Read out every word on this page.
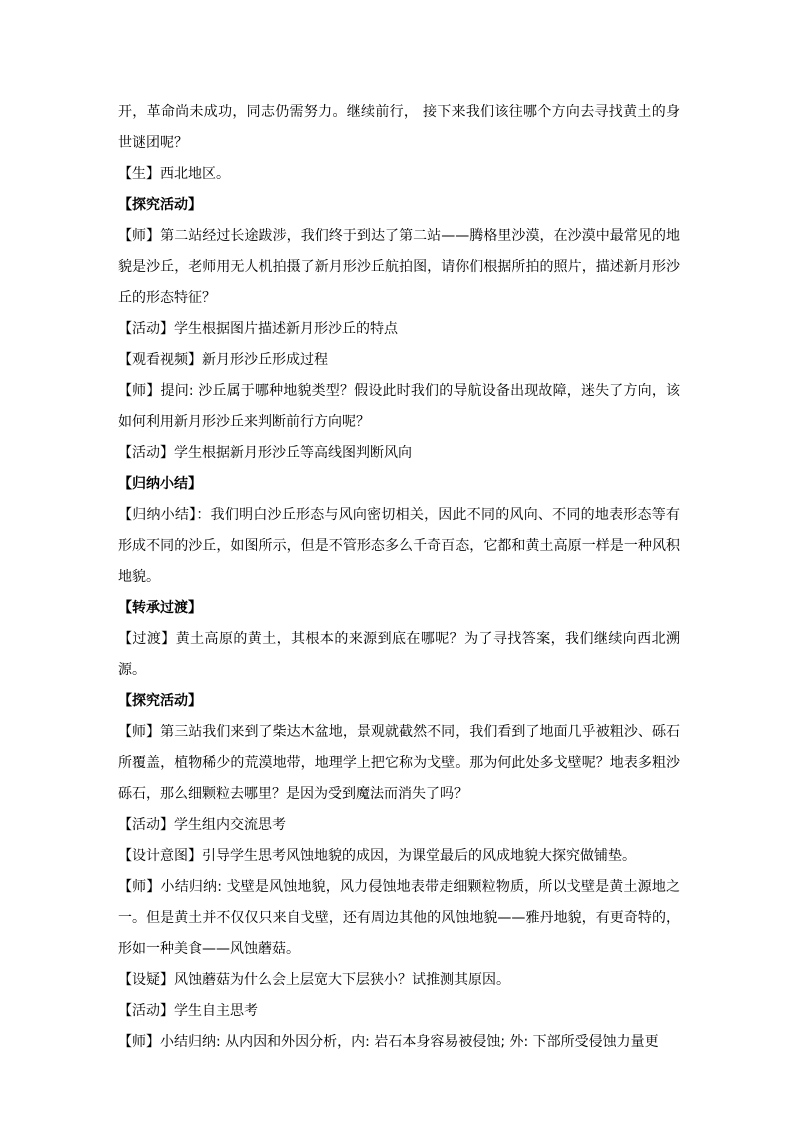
开，革命尚未成功，同志仍需努力。继续前行， 接下来我们该往哪个方向去寻找黄土的身世谜团呢？

【生】西北地区。

【探究活动】

【师】第二站经过长途跋涉，我们终于到达了第二站——腾格里沙漠，在沙漠中最常见的地貌是沙丘，老师用无人机拍摄了新月形沙丘航拍图，请你们根据所拍的照片，描述新月形沙丘的形态特征？

【活动】学生根据图片描述新月形沙丘的特点

【观看视频】新月形沙丘形成过程

【师】提问: 沙丘属于哪种地貌类型？假设此时我们的导航设备出现故障，迷失了方向，该如何利用新月形沙丘来判断前行方向呢？

【活动】学生根据新月形沙丘等高线图判断风向

【归纳小结】

【归纳小结】：我们明白沙丘形态与风向密切相关，因此不同的风向、不同的地表形态等有形成不同的沙丘，如图所示，但是不管形态多么千奇百态，它都和黄土高原一样是一种风积地貌。

【转承过渡】

【过渡】黄土高原的黄土，其根本的来源到底在哪呢？为了寻找答案，我们继续向西北溯源。

【探究活动】

【师】第三站我们来到了柴达木盆地，景观就截然不同，我们看到了地面几乎被粗沙、砾石所覆盖，植物稀少的荒漠地带，地理学上把它称为戈壁。那为何此处多戈壁呢？地表多粗沙砾石，那么细颗粒去哪里？是因为受到魔法而消失了吗？

【活动】学生组内交流思考

【设计意图】引导学生思考风蚀地貌的成因，为课堂最后的风成地貌大探究做铺垫。

【师】小结归纳: 戈壁是风蚀地貌，风力侵蚀地表带走细颗粒物质，所以戈壁是黄土源地之一。但是黄土并不仅仅只来自戈壁，还有周边其他的风蚀地貌——雅丹地貌，有更奇特的，形如一种美食——风蚀蘑菇。

【设疑】风蚀蘑菇为什么会上层宽大下层狭小？试推测其原因。

【活动】学生自主思考

【师】小结归纳: 从内因和外因分析，内: 岩石本身容易被侵蚀; 外: 下部所受侵蚀力量更
